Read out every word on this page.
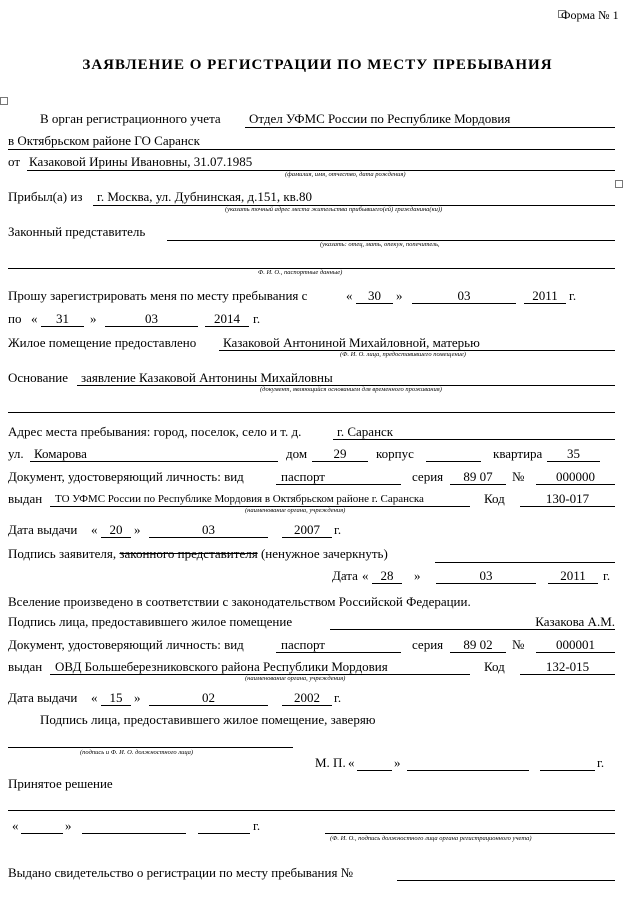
Форма № 1
ЗАЯВЛЕНИЕ О РЕГИСТРАЦИИ ПО МЕСТУ ПРЕБЫВАНИЯ
В орган регистрационного учета Отдел УФМС России по Республике Мордовия
в Октябрьском районе ГО Саранск
от Казаковой Ирины Ивановны, 31.07.1985
(фамилия, имя, отчество, дата рождения)
Прибыл(а) из г. Москва, ул. Дубнинская, д.151, кв.80
(указать точный адрес места жительства прибывшего(ей) гражданина(ки))
Законный представитель
(указать: отец, мать, опекун, попечитель,
Ф. И. О., паспортные данные)
Прошу зарегистрировать меня по месту пребывания с	«	30	»	03	2011 г.
по «	31	»	03	2014	г.
Жилое помещение предоставлено Казаковой Антониной Михайловной, матерью
(Ф. И. О. лица, предоставившего помещение)
Основание заявление Казаковой Антонины Михайловны
(документ, являющийся основанием для временного проживания)
Адрес места пребывания: город, поселок, село и т. д.	г. Саранск
ул. Комарова	дом	29	корпус	квартира	35
Документ, удостоверяющий личность: вид	паспорт	серия	89 07	№	000000
выдан ТО УФМС России по Республике Мордовия в Октябрьском районе г. Саранска
(наименование органа, учреждения)
Код	130-017
Дата выдачи « 20 »	03	2007	г.
Подпись заявителя, законного представителя (ненужное зачеркнуть)
Дата « 28	»	03	2011	г.
Вселение произведено в соответствии с законодательством Российской Федерации.
Подпись лица, предоставившего жилое помещение	Казакова А.М.
Документ, удостоверяющий личность: вид	паспорт	серия	89 02	№	000001
выдан ОВД Большеберезниковского района Республики Мордовия
(наименование органа, учреждения)
Код	132-015
Дата выдачи « 15 »	02	2002	г.
Подпись лица, предоставившего жилое помещение, заверяю
(подпись и Ф. И. О. должностного лица)
М. П. «	»	г.
Принятое решение
«	»	г.
(Ф. И. О., подпись должностного лица органа регистрационного учета)
Выдано свидетельство о регистрации по месту пребывания №
